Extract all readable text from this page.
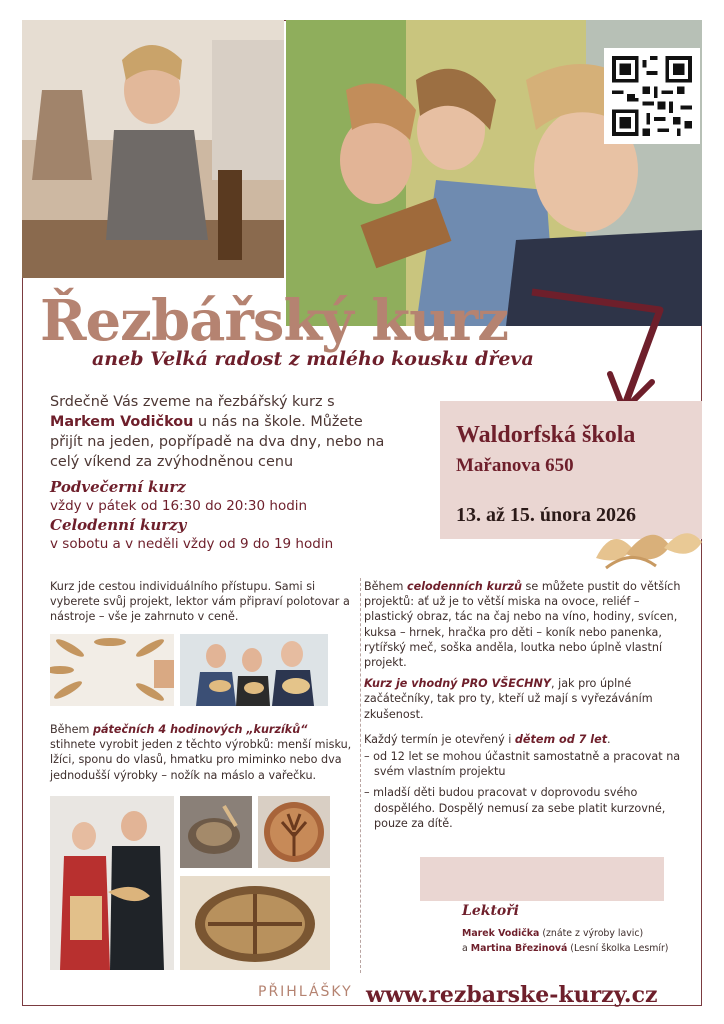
Řezbářský kurz
aneb Velká radost z malého kousku dřeva

Srdečně Vás zveme na řezbářský kurz s Markem Vodičkou u nás na škole. Můžete přijít na jeden, popřípadě na dva dny, nebo na celý víkend za zvýhodněnou cenu

Podvečerní kurz
vždy v pátek od 16:30 do 20:30 hodin
Celodenní kurzy
v sobotu a v neděli vždy od 9 do 19 hodin
Waldorfská škola
Mařanova 650
13. až 15. února 2026

Kurz jde cestou individuálního přístupu. Sami si vyberete svůj projekt, lektor vám připraví polotovar a nástroje – vše je zahrnuto v ceně.

Během pátečních 4 hodinových „kurzíků“ stihnete vyrobit jeden z těchto výrobků: menší misku, lžíci, sponu do vlasů, hmatku pro miminko nebo dva jednodušší výrobky – nožík na máslo a vařečku.

Během celodenních kurzů se můžete pustit do větších projektů: ať už je to větší miska na ovoce, reliéf – plastický obraz, tác na čaj nebo na víno, hodiny, svícen, kuksa – hrnek, hračka pro děti – koník nebo panenka, rytířský meč, soška anděla, loutka nebo úplně vlastní projekt.

Kurz je vhodný PRO VŠECHNY, jak pro úplné začátečníky, tak pro ty, kteří už mají s vyřezáváním zkušenost.

Každý termín je otevřený i dětem od 7 let.

– od 12 let se mohou účastnit samostatně a pracovat na svém vlastním projektu
– mladší děti budou pracovat v doprovodu svého dospělého. Dospělý nemusí za sebe platit kurzovné, pouze za dítě.
Lektoři
Marek Vodička (znáte z výroby lavic)
a Martina Březinová (Lesní školka Lesmír)
PŘIHLÁŠKY www.rezbarske-kurzy.cz
